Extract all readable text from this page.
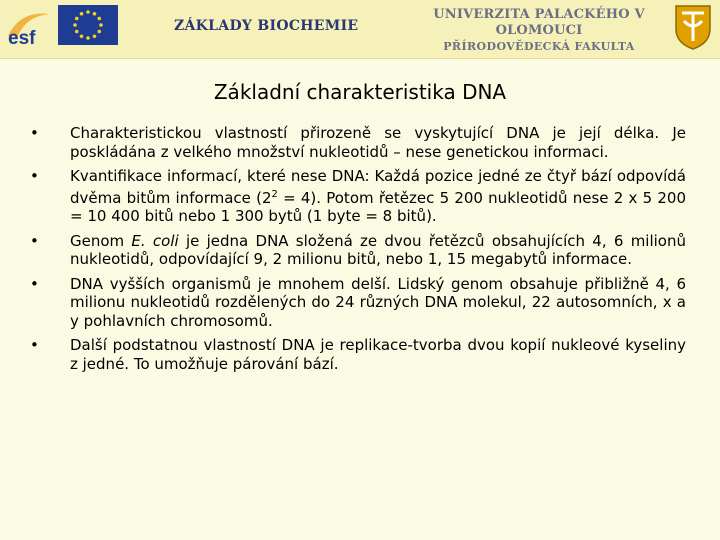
esf
ZÁKLADY BIOCHEMIE
UNIVERZITA PALACKÉHO V OLOMOUCI
PŘÍRODOVĚDECKÁ FAKULTA
Základní charakteristika DNA
• Charakteristickou vlastností přirozeně se vyskytující DNA je její délka. Je poskládána z velkého množství nukleotidů – nese genetickou informaci.
• Kvantifikace informací, které nese DNA: Každá pozice jedné ze čtyř bází odpovídá dvěma bitům informace $(2^2 = 4)$. Potom řetězec 5 200 nukleotidů nese 2 x 5 200 = 10 400 bitů nebo 1 300 bytů (1 byte = 8 bitů).
• Genom E. coli je jedna DNA složená ze dvou řetězců obsahujících 4, 6 milionů nukleotidů, odpovídající 9, 2 milionu bitů, nebo 1, 15 megabytů informace.
• DNA vyšších organismů je mnohem delší. Lidský genom obsahuje přibližně 4, 6 milionu nukleotidů rozdělených do 24 různých DNA molekul, 22 autosomních, x a y pohlavních chromosomů.
• Další podstatnou vlastností DNA je replikace-tvorba dvou kopií nukleové kyseliny z jedné. To umožňuje párování bází.
